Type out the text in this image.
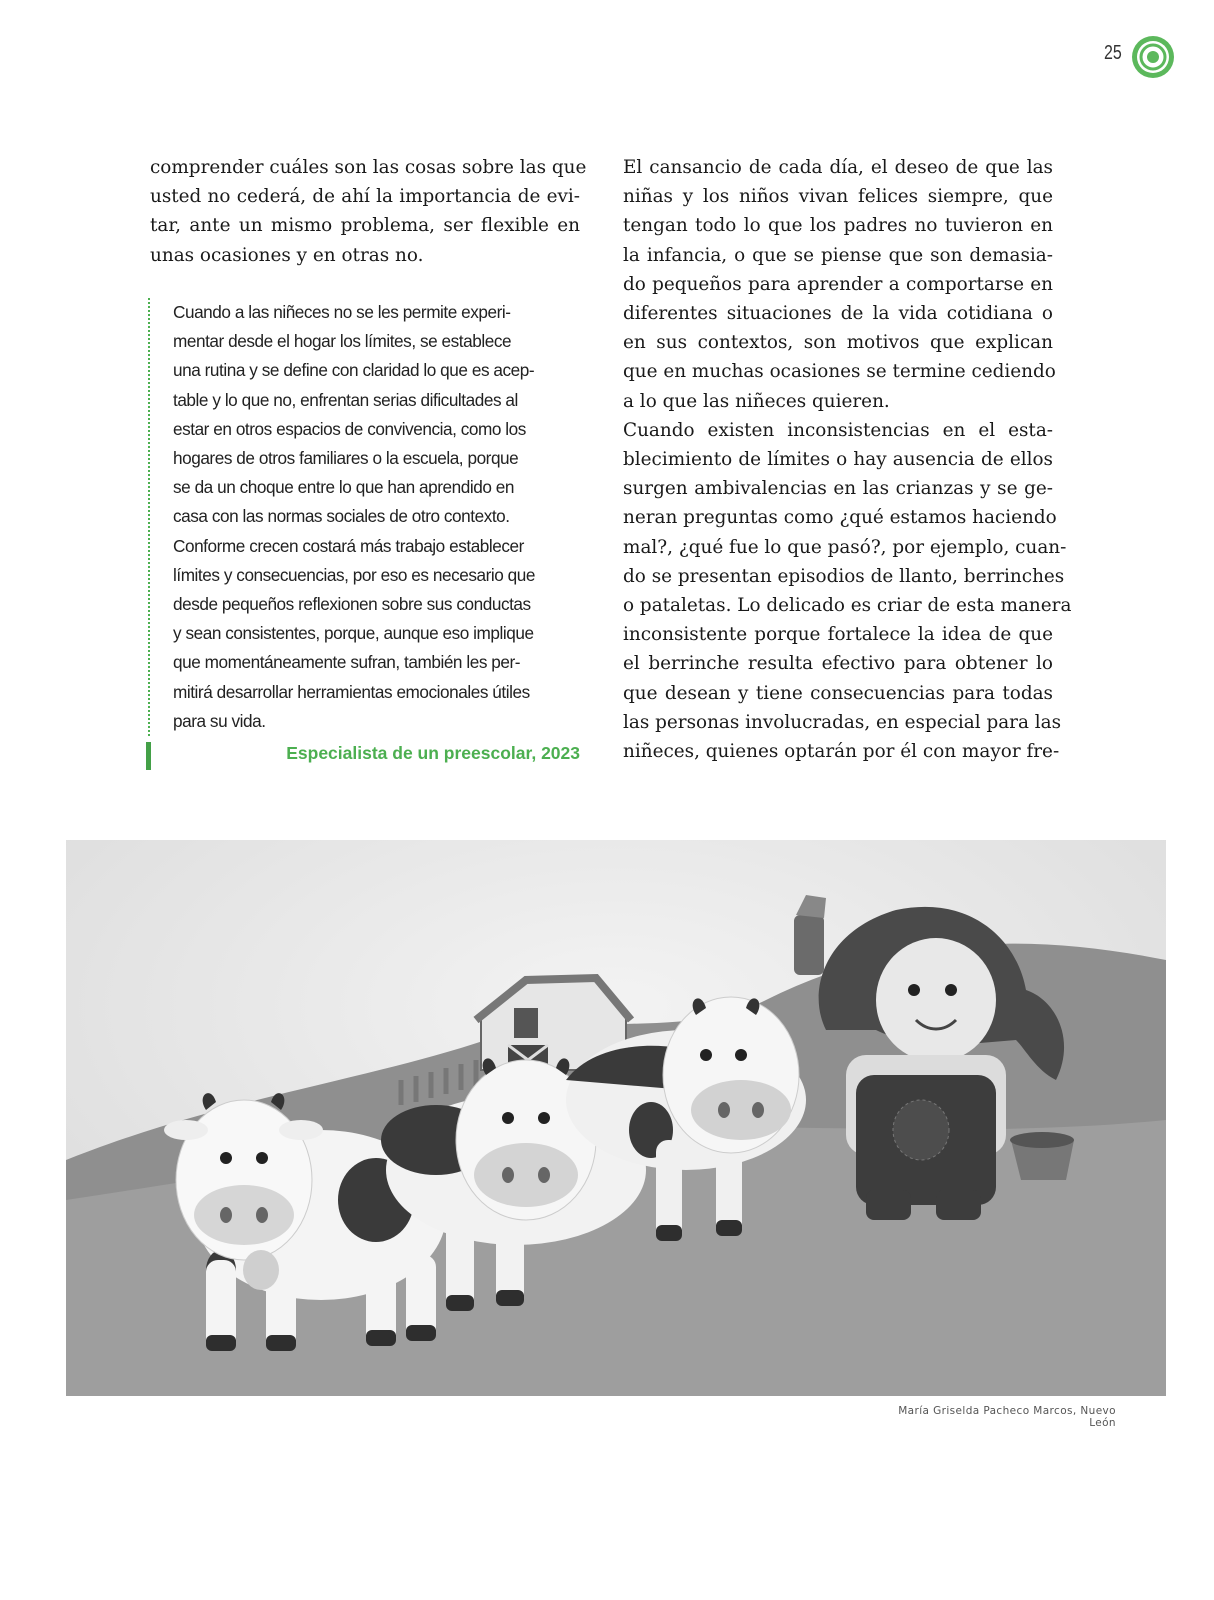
25
comprender cuáles son las cosas sobre las que
usted no cederá, de ahí la importancia de evi-
tar, ante un mismo problema, ser flexible en
unas ocasiones y en otras no.
Cuando a las niñeces no se les permite experi-
mentar desde el hogar los límites, se establece
una rutina y se define con claridad lo que es acep-
table y lo que no, enfrentan serias dificultades al
estar en otros espacios de convivencia, como los
hogares de otros familiares o la escuela, porque
se da un choque entre lo que han aprendido en
casa con las normas sociales de otro contexto.
Conforme crecen costará más trabajo establecer
límites y consecuencias, por eso es necesario que
desde pequeños reflexionen sobre sus conductas
y sean consistentes, porque, aunque eso implique
que momentáneamente sufran, también les per-
mitirá desarrollar herramientas emocionales útiles
para su vida.
Especialista de un preescolar, 2023
El cansancio de cada día, el deseo de que las
niñas y los niños vivan felices siempre, que
tengan todo lo que los padres no tuvieron en
la infancia, o que se piense que son demasia-
do pequeños para aprender a comportarse en
diferentes situaciones de la vida cotidiana o
en sus contextos, son motivos que explican
que en muchas ocasiones se termine cediendo
a lo que las niñeces quieren.
Cuando existen inconsistencias en el esta-
blecimiento de límites o hay ausencia de ellos
surgen ambivalencias en las crianzas y se ge-
neran preguntas como ¿qué estamos haciendo
mal?, ¿qué fue lo que pasó?, por ejemplo, cuan-
do se presentan episodios de llanto, berrinches
o pataletas. Lo delicado es criar de esta manera
inconsistente porque fortalece la idea de que
el berrinche resulta efectivo para obtener lo
que desean y tiene consecuencias para todas
las personas involucradas, en especial para las
niñeces, quienes optarán por él con mayor fre-
María Griselda Pacheco Marcos, Nuevo León
